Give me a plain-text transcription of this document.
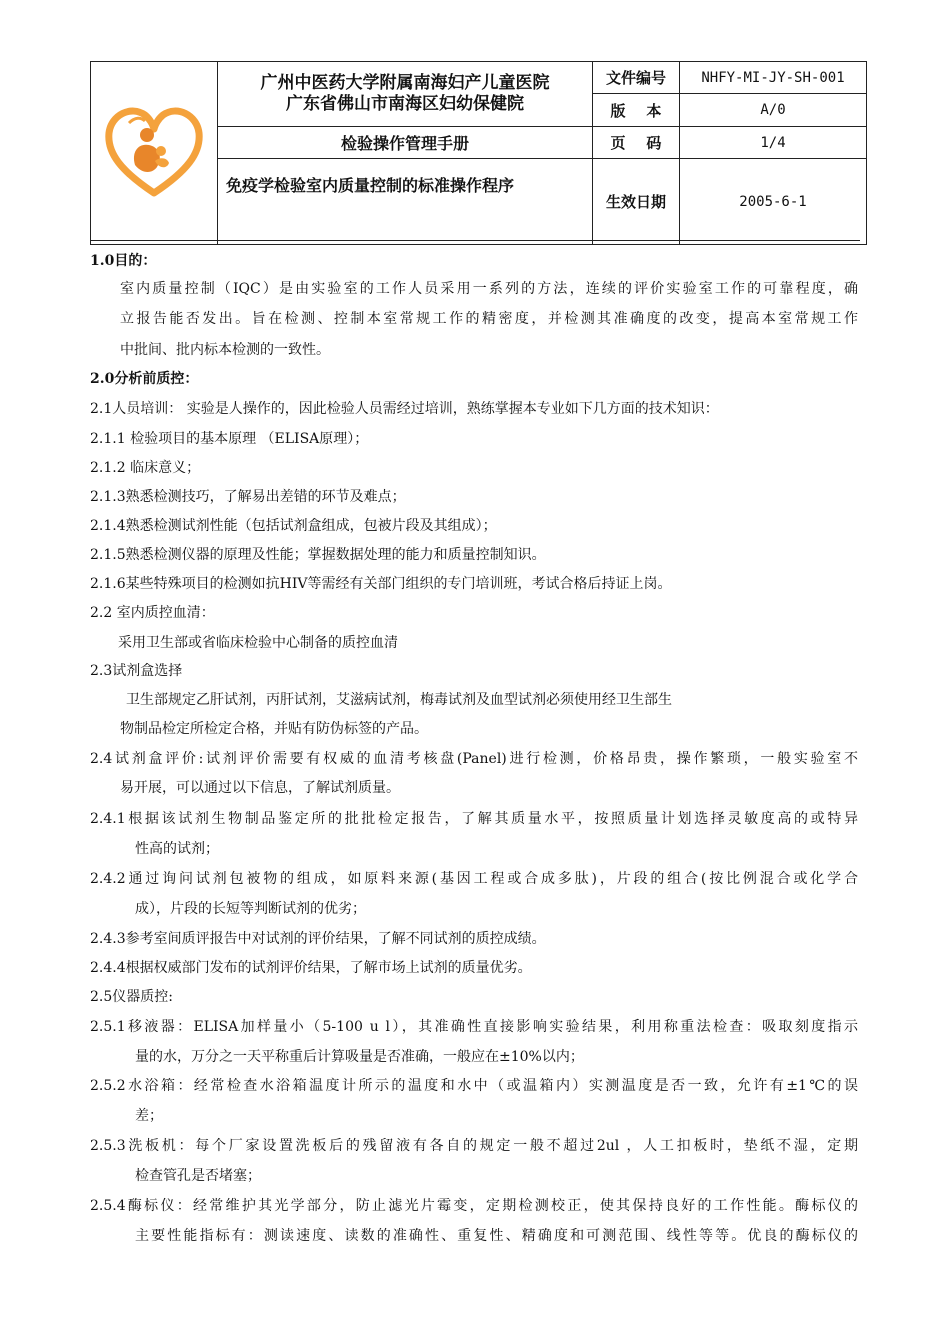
广州中医药大学附属南海妇产儿童医院
广东省佛山市南海区妇幼保健院	文件编号	NHFY-MI-JY-SH-001
		版    本	A/0
	检验操作管理手册	页    码	1/4
	免疫学检验室内质量控制的标准操作程序	生效日期	2005-6-1
1.0目的：
室内质量控制（IQC）是由实验室的工作人员采用一系列的方法，连续的评价实验室工作的可靠程度，确
立报告能否发出。旨在检测、控制本室常规工作的精密度，并检测其准确度的改变，提高本室常规工作
中批间、批内标本检测的一致性。
2.0分析前质控：
2.1人员培训： 实验是人操作的，因此检验人员需经过培训，熟练掌握本专业如下几方面的技术知识：
2.1.1 检验项目的基本原理 （ELISA原理）；
2.1.2 临床意义；
2.1.3熟悉检测技巧，了解易出差错的环节及难点；
2.1.4熟悉检测试剂性能（包括试剂盒组成，包被片段及其组成）；
2.1.5熟悉检测仪器的原理及性能；掌握数据处理的能力和质量控制知识。
2.1.6某些特殊项目的检测如抗HIV等需经有关部门组织的专门培训班，考试合格后持证上岗。
2.2 室内质控血清：
采用卫生部或省临床检验中心制备的质控血清
2.3试剂盒选择
卫生部规定乙肝试剂，丙肝试剂，艾滋病试剂，梅毒试剂及血型试剂必须使用经卫生部生
物制品检定所检定合格，并贴有防伪标签的产品。
2.4试剂盒评价:试剂评价需要有权威的血清考核盘(Panel)进行检测，价格昂贵，操作繁琐，一般实验室不
易开展，可以通过以下信息，了解试剂质量。
2.4.1根据该试剂生物制品鉴定所的批批检定报告，了解其质量水平，按照质量计划选择灵敏度高的或特异
性高的试剂；
2.4.2通过询问试剂包被物的组成，如原料来源(基因工程或合成多肽)，片段的组合(按比例混合或化学合
成），片段的长短等判断试剂的优劣；
2.4.3参考室间质评报告中对试剂的评价结果，了解不同试剂的质控成绩。
2.4.4根据权威部门发布的试剂评价结果，了解市场上试剂的质量优劣。
2.5仪器质控:
2.5.1移液器：ELISA加样量小（5-100 u l），其准确性直接影响实验结果，利用称重法检查：吸取刻度指示
量的水，万分之一天平称重后计算吸量是否准确，一般应在±10%以内；
2.5.2水浴箱：经常检查水浴箱温度计所示的温度和水中（或温箱内）实测温度是否一致，允许有±1℃的误
差；
2.5.3洗板机：每个厂家设置洗板后的残留液有各自的规定一般不超过2ul ，人工扣板时，垫纸不湿，定期
检查管孔是否堵塞；
2.5.4酶标仪：经常维护其光学部分，防止滤光片霉变，定期检测校正，使其保持良好的工作性能。酶标仪的
主要性能指标有：测读速度、读数的准确性、重复性、精确度和可测范围、线性等等。优良的酶标仪的
